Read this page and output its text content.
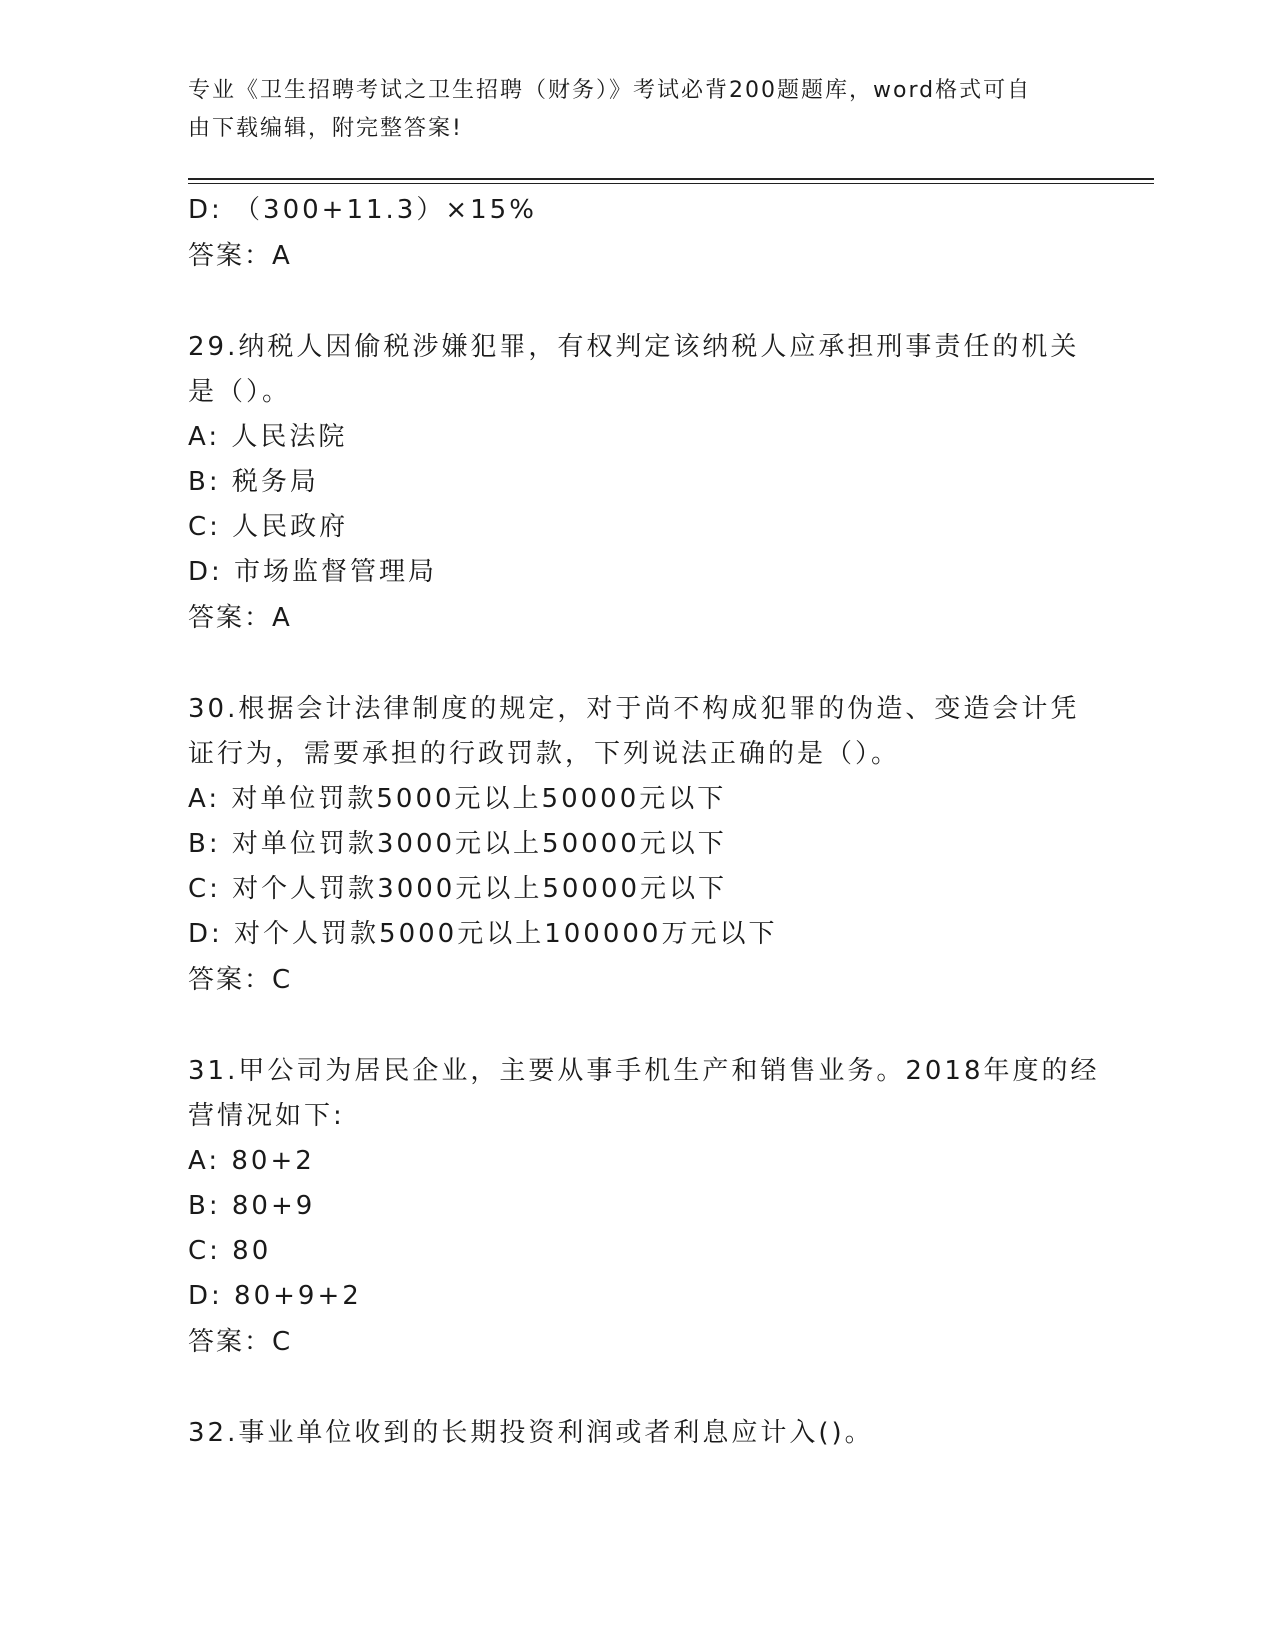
专业《卫生招聘考试之卫生招聘（财务）》考试必背200题题库，word格式可自
由下载编辑，附完整答案!
D: （300+11.3）×15%
答案：A
29.纳税人因偷税涉嫌犯罪，有权判定该纳税人应承担刑事责任的机关
是（）。
A: 人民法院
B: 税务局
C: 人民政府
D: 市场监督管理局
答案：A
30.根据会计法律制度的规定，对于尚不构成犯罪的伪造、变造会计凭
证行为，需要承担的行政罚款，下列说法正确的是（）。
A: 对单位罚款5000元以上50000元以下
B: 对单位罚款3000元以上50000元以下
C: 对个人罚款3000元以上50000元以下
D: 对个人罚款5000元以上100000万元以下
答案：C
31.甲公司为居民企业，主要从事手机生产和销售业务。2018年度的经
营情况如下:
A: 80+2
B: 80+9
C: 80
D: 80+9+2
答案：C
32.事业单位收到的长期投资利润或者利息应计入()。
